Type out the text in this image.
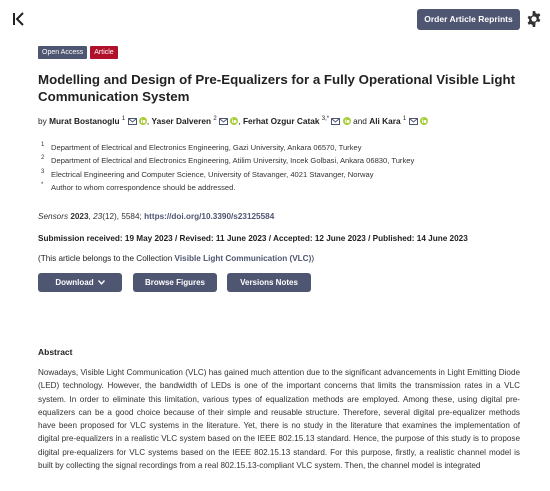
Order Article Reprints
Open Access	Article
Modelling and Design of Pre-Equalizers for a Fully Operational Visible Light Communication System
by Murat Bostanoglu $^1$	, Yaser Dalveren $^2$	, Ferhat Ozgur Catak $^{3,*}$	and Ali Kara $^1$
1 Department of Electrical and Electronics Engineering, Gazi University, Ankara 06570, Turkey
2 Department of Electrical and Electronics Engineering, Atilim University, Incek Golbasi, Ankara 06830, Turkey
3 Electrical Engineering and Computer Science, University of Stavanger, 4021 Stavanger, Norway
* Author to whom correspondence should be addressed.
Sensors 2023, 23(12), 5584; https://doi.org/10.3390/s23125584
Submission received: 19 May 2023 / Revised: 11 June 2023 / Accepted: 12 June 2023 / Published: 14 June 2023
(This article belongs to the Collection Visible Light Communication (VLC))
Download	Browse Figures	Versions Notes
Abstract

Nowadays, Visible Light Communication (VLC) has gained much attention due to the significant advancements in Light Emitting Diode (LED) technology. However, the bandwidth of LEDs is one of the important concerns that limits the transmission rates in a VLC system. In order to eliminate this limitation, various types of equalization methods are employed. Among these, using digital pre-equalizers can be a good choice because of their simple and reusable structure. Therefore, several digital pre-equalizer methods have been proposed for VLC systems in the literature. Yet, there is no study in the literature that examines the implementation of digital pre-equalizers in a realistic VLC system based on the IEEE 802.15.13 standard. Hence, the purpose of this study is to propose digital pre-equalizers for VLC systems based on the IEEE 802.15.13 standard. For this purpose, firstly, a realistic channel model is built by collecting the signal recordings from a real 802.15.13-compliant VLC system. Then, the channel model is integrated
